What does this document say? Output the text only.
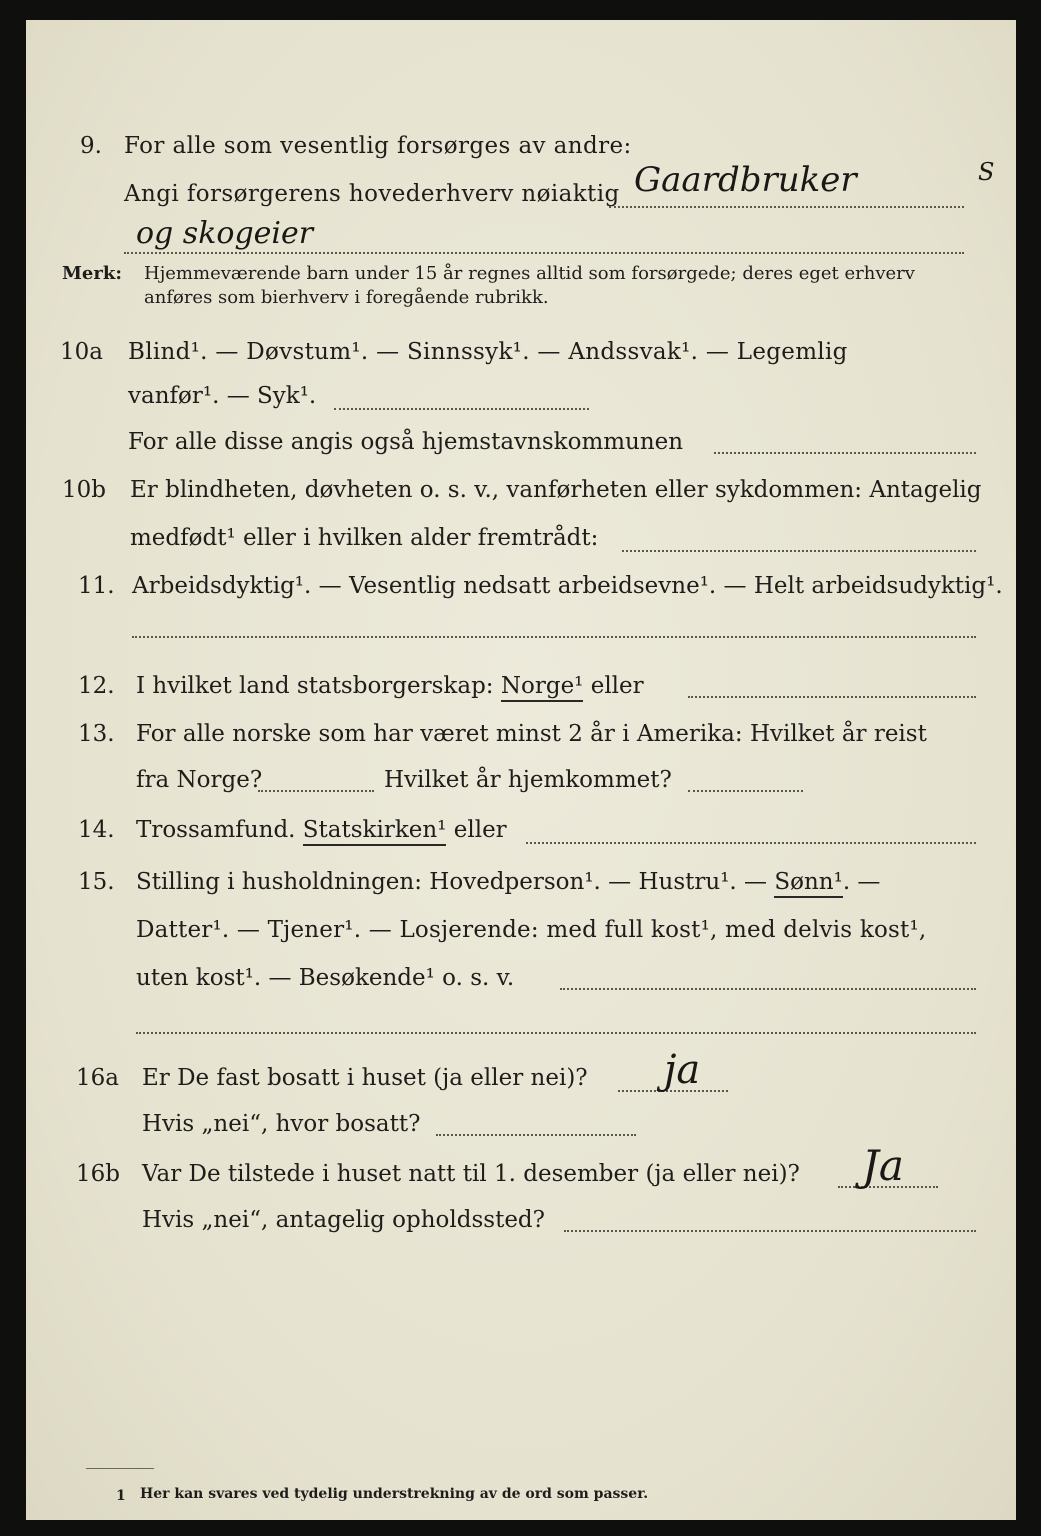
9. For alle som vesentlig forsørges av andre:
Angi forsørgerens hovederhverv nøiaktig Gaardbruker	S
og skogeier
Merk: Hjemmeværende barn under 15 år regnes alltid som forsørgede; deres eget erhverv
anføres som bierhverv i foregående rubrikk.
10a Blind¹. — Døvstum¹. — Sinnssyk¹. — Andssvak¹. — Legemlig
vanfør¹. — Syk¹.
For alle disse angis også hjemstavnskommunen
10b Er blindheten, døvheten o. s. v., vanførheten eller sykdommen: Antagelig
medfødt¹ eller i hvilken alder fremtrådt:
11. Arbeidsdyktig¹. — Vesentlig nedsatt arbeidsevne¹. — Helt arbeidsudyktig¹.
12. I hvilket land statsborgerskap: Norge¹ eller
13. For alle norske som har været minst 2 år i Amerika: Hvilket år reist
fra Norge?	Hvilket år hjemkommet?
14. Trossamfund. Statskirken¹ eller
15. Stilling i husholdningen: Hovedperson¹. — Hustru¹. — Sønn¹. —
Datter¹. — Tjener¹. — Losjerende: med full kost¹, med delvis kost¹,
uten kost¹. — Besøkende¹ o. s. v.
16a Er De fast bosatt i huset (ja eller nei)? ja
Hvis „nei“, hvor bosatt?
16b Var De tilstede i huset natt til 1. desember (ja eller nei)? Ja
Hvis „nei“, antagelig opholdssted?
1 Her kan svares ved tydelig understrekning av de ord som passer.
